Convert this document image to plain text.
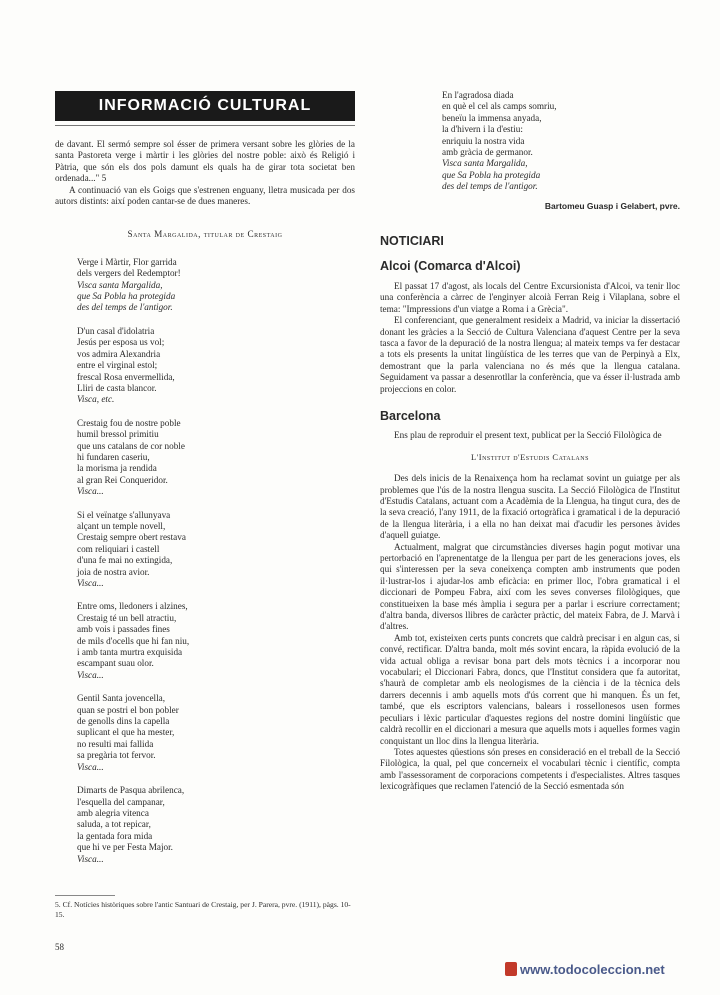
INFORMACIÓ CULTURAL

de davant. El sermó sempre sol ésser de primera versant sobre les glòries de la santa Pastoreta verge i màrtir i les glòries del nostre poble: això és Religió i Pàtria, que són els dos pols damunt els quals ha de girar tota societat ben ordenada..." 5

A continuació van els Goigs que s'estrenen enguany, lletra musicada per dos autors distints: així poden cantar-se de dues maneres.

Santa Margalida, titular de Crestaig
Verge i Màrtir, Flor garrida
dels vergers del Redemptor!
Visca santa Margalida,
que Sa Pobla ha protegida
des del temps de l'antigor.
D'un casal d'idolatria
Jesús per esposa us vol;
vos admira Alexandria
entre el virginal estol;
frescal Rosa envermellida,
Lliri de casta blancor.
Visca, etc.
Crestaig fou de nostre poble
humil bressol primitiu
que uns catalans de cor noble
hi fundaren caseriu,
la morisma ja rendida
al gran Rei Conqueridor.
Visca...
Si el veïnatge s'allunyava
alçant un temple novell,
Crestaig sempre obert restava
com reliquiari i castell
d'una fe mai no extingida,
joia de nostra avior.
Visca...
Entre oms, lledoners i alzines,
Crestaig té un bell atractiu,
amb vois i passades fines
de mils d'ocells que hi fan niu,
i amb tanta murtra exquisida
escampant suau olor.
Visca...
Gentil Santa jovencella,
quan se postri el bon pobler
de genolls dins la capella
suplicant el que ha mester,
no resulti mai fallida
sa pregària tot fervor.
Visca...
Dimarts de Pasqua abrilenca,
l'esquella del campanar,
amb alegria vitenca
saluda, a tot repicar,
la gentada fora mida
que hi ve per Festa Major.
Visca...
5. Cf. Notícies històriques sobre l'antic Santuari de Crestaig, per J. Parera, pvre. (1911), pàgs. 10-15.
58
En l'agradosa diada
en què el cel als camps somriu,
beneïu la immensa anyada,
la d'hivern i la d'estiu:
enriquiu la nostra vida
amb gràcia de germanor.
Visca santa Margalida,
que Sa Pobla ha protegida
des del temps de l'antigor.
Bartomeu Guasp i Gelabert, pvre.
NOTICIARI
Alcoi (Comarca d'Alcoi)

El passat 17 d'agost, als locals del Centre Excursionista d'Alcoi, va tenir lloc una conferència a càrrec de l'enginyer alcoià Ferran Reig i Vilaplana, sobre el tema: "Impressions d'un viatge a Roma i a Grècia".

El conferenciant, que generalment resideix a Madrid, va iniciar la dissertació donant les gràcies a la Secció de Cultura Valenciana d'aquest Centre per la seva tasca a favor de la depuració de la nostra llengua; al mateix temps va fer destacar a tots els presents la unitat lingüística de les terres que van de Perpinyà a Elx, demostrant que la parla valenciana no és més que la llengua catalana. Seguidament va passar a desenrotllar la conferència, que va ésser il·lustrada amb projeccions en color.

Barcelona

Ens plau de reproduir el present text, publicat per la Secció Filològica de

L'Institut d'Estudis Catalans

Des dels inicis de la Renaixença hom ha reclamat sovint un guiatge per als problemes que l'ús de la nostra llengua suscita. La Secció Filològica de l'Institut d'Estudis Catalans, actuant com a Acadèmia de la Llengua, ha tingut cura, des de la seva creació, l'any 1911, de la fixació ortogràfica i gramatical i de la depuració de la llengua literària, i a ella no han deixat mai d'acudir les persones àvides d'aquell guiatge.

Actualment, malgrat que circumstàncies diverses hagin pogut motivar una pertorbació en l'aprenentatge de la llengua per part de les generacions joves, els qui s'interessen per la seva coneixença compten amb instruments que poden il·lustrar-los i ajudar-los amb eficàcia: en primer lloc, l'obra gramatical i el diccionari de Pompeu Fabra, així com les seves converses filològiques, que constitueixen la base més àmplia i segura per a parlar i escriure correctament; d'altra banda, diversos llibres de caràcter pràctic, del mateix Fabra, de J. Marvà i d'altres.

Amb tot, existeixen certs punts concrets que caldrà precisar i en algun cas, si convé, rectificar. D'altra banda, molt més sovint encara, la ràpida evolució de la vida actual obliga a revisar bona part dels mots tècnics i a incorporar nou vocabulari; el Diccionari Fabra, doncs, que l'Institut considera que fa autoritat, s'haurà de completar amb els neologismes de la ciència i de la tècnica dels darrers decennis i amb aquells mots d'ús corrent que hi manquen. És un fet, també, que els escriptors valencians, balears i rossellonesos usen formes peculiars i lèxic particular d'aquestes regions del nostre domini lingüístic que caldrà recollir en el diccionari a mesura que aquells mots i aquelles formes vagin conquistant un lloc dins la llengua literària.

Totes aquestes qüestions són preses en consideració en el treball de la Secció Filològica, la qual, pel que concerneix el vocabulari tècnic i científic, compta amb l'assessorament de corporacions competents i d'especialistes. Altres tasques lexicogràfiques que reclamen l'atenció de la Secció esmentada són

www.todocoleccion.net
